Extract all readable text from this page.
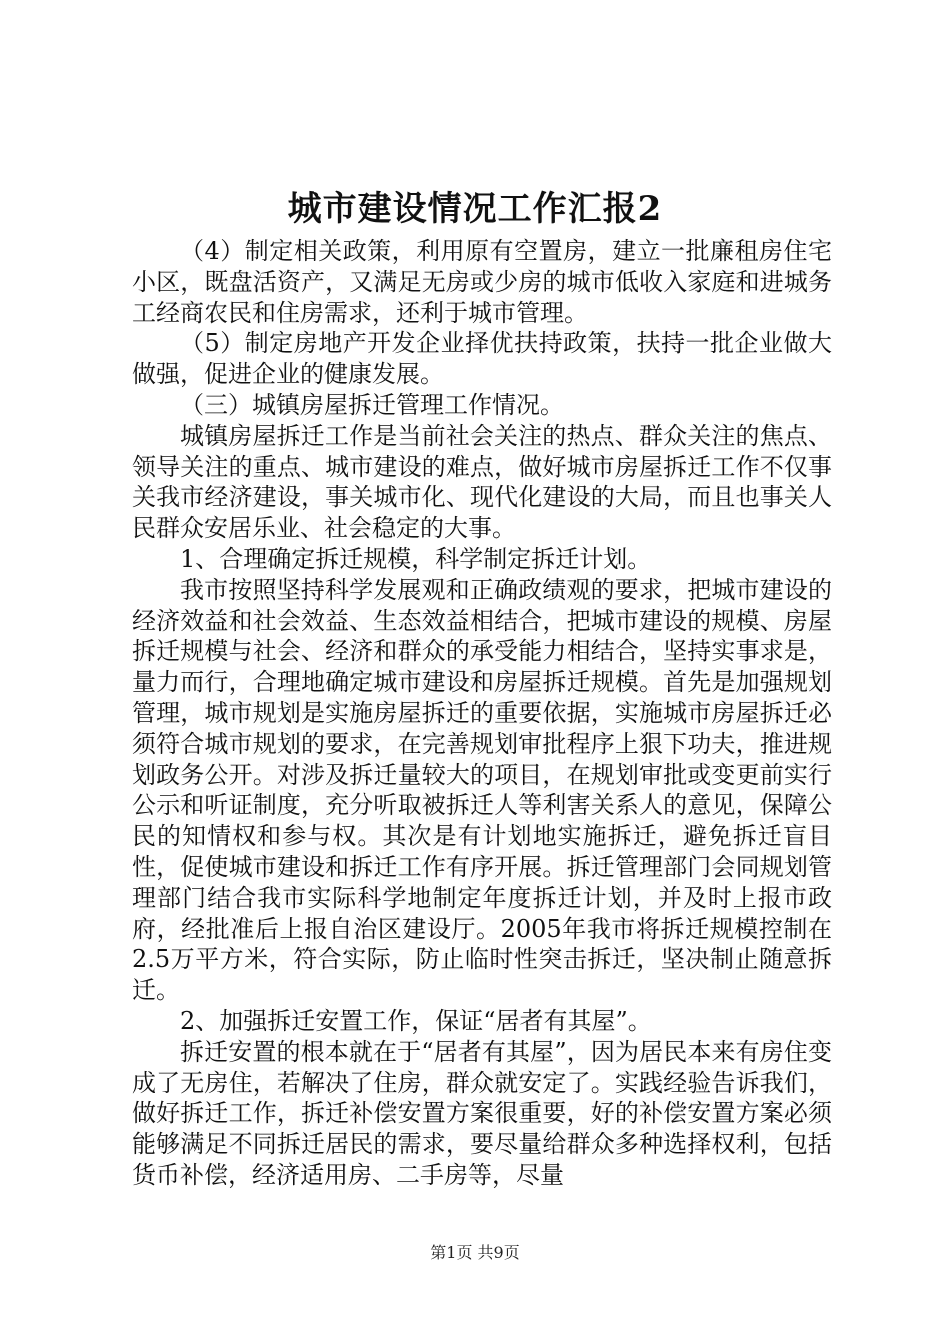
城市建设情况工作汇报2

（4）制定相关政策，利用原有空置房，建立一批廉租房住宅小区，既盘活资产，又满足无房或少房的城市低收入家庭和进城务工经商农民和住房需求，还利于城市管理。

（5）制定房地产开发企业择优扶持政策，扶持一批企业做大做强，促进企业的健康发展。

（三）城镇房屋拆迁管理工作情况。

城镇房屋拆迁工作是当前社会关注的热点、群众关注的焦点、领导关注的重点、城市建设的难点，做好城市房屋拆迁工作不仅事关我市经济建设，事关城市化、现代化建设的大局，而且也事关人民群众安居乐业、社会稳定的大事。

1、合理确定拆迁规模，科学制定拆迁计划。

我市按照坚持科学发展观和正确政绩观的要求，把城市建设的经济效益和社会效益、生态效益相结合，把城市建设的规模、房屋拆迁规模与社会、经济和群众的承受能力相结合，坚持实事求是，量力而行，合理地确定城市建设和房屋拆迁规模。首先是加强规划管理，城市规划是实施房屋拆迁的重要依据，实施城市房屋拆迁必须符合城市规划的要求，在完善规划审批程序上狠下功夫，推进规划政务公开。对涉及拆迁量较大的项目，在规划审批或变更前实行公示和听证制度，充分听取被拆迁人等利害关系人的意见，保障公民的知情权和参与权。其次是有计划地实施拆迁，避免拆迁盲目性，促使城市建设和拆迁工作有序开展。拆迁管理部门会同规划管理部门结合我市实际科学地制定年度拆迁计划，并及时上报市政府，经批准后上报自治区建设厅。2005年我市将拆迁规模控制在2.5万平方米，符合实际，防止临时性突击拆迁，坚决制止随意拆迁。

2、加强拆迁安置工作，保证“居者有其屋”。

拆迁安置的根本就在于“居者有其屋”，因为居民本来有房住变成了无房住，若解决了住房，群众就安定了。实践经验告诉我们，做好拆迁工作，拆迁补偿安置方案很重要，好的补偿安置方案必须能够满足不同拆迁居民的需求，要尽量给群众多种选择权利，包括货币补偿，经济适用房、二手房等，尽量

第1页 共9页
